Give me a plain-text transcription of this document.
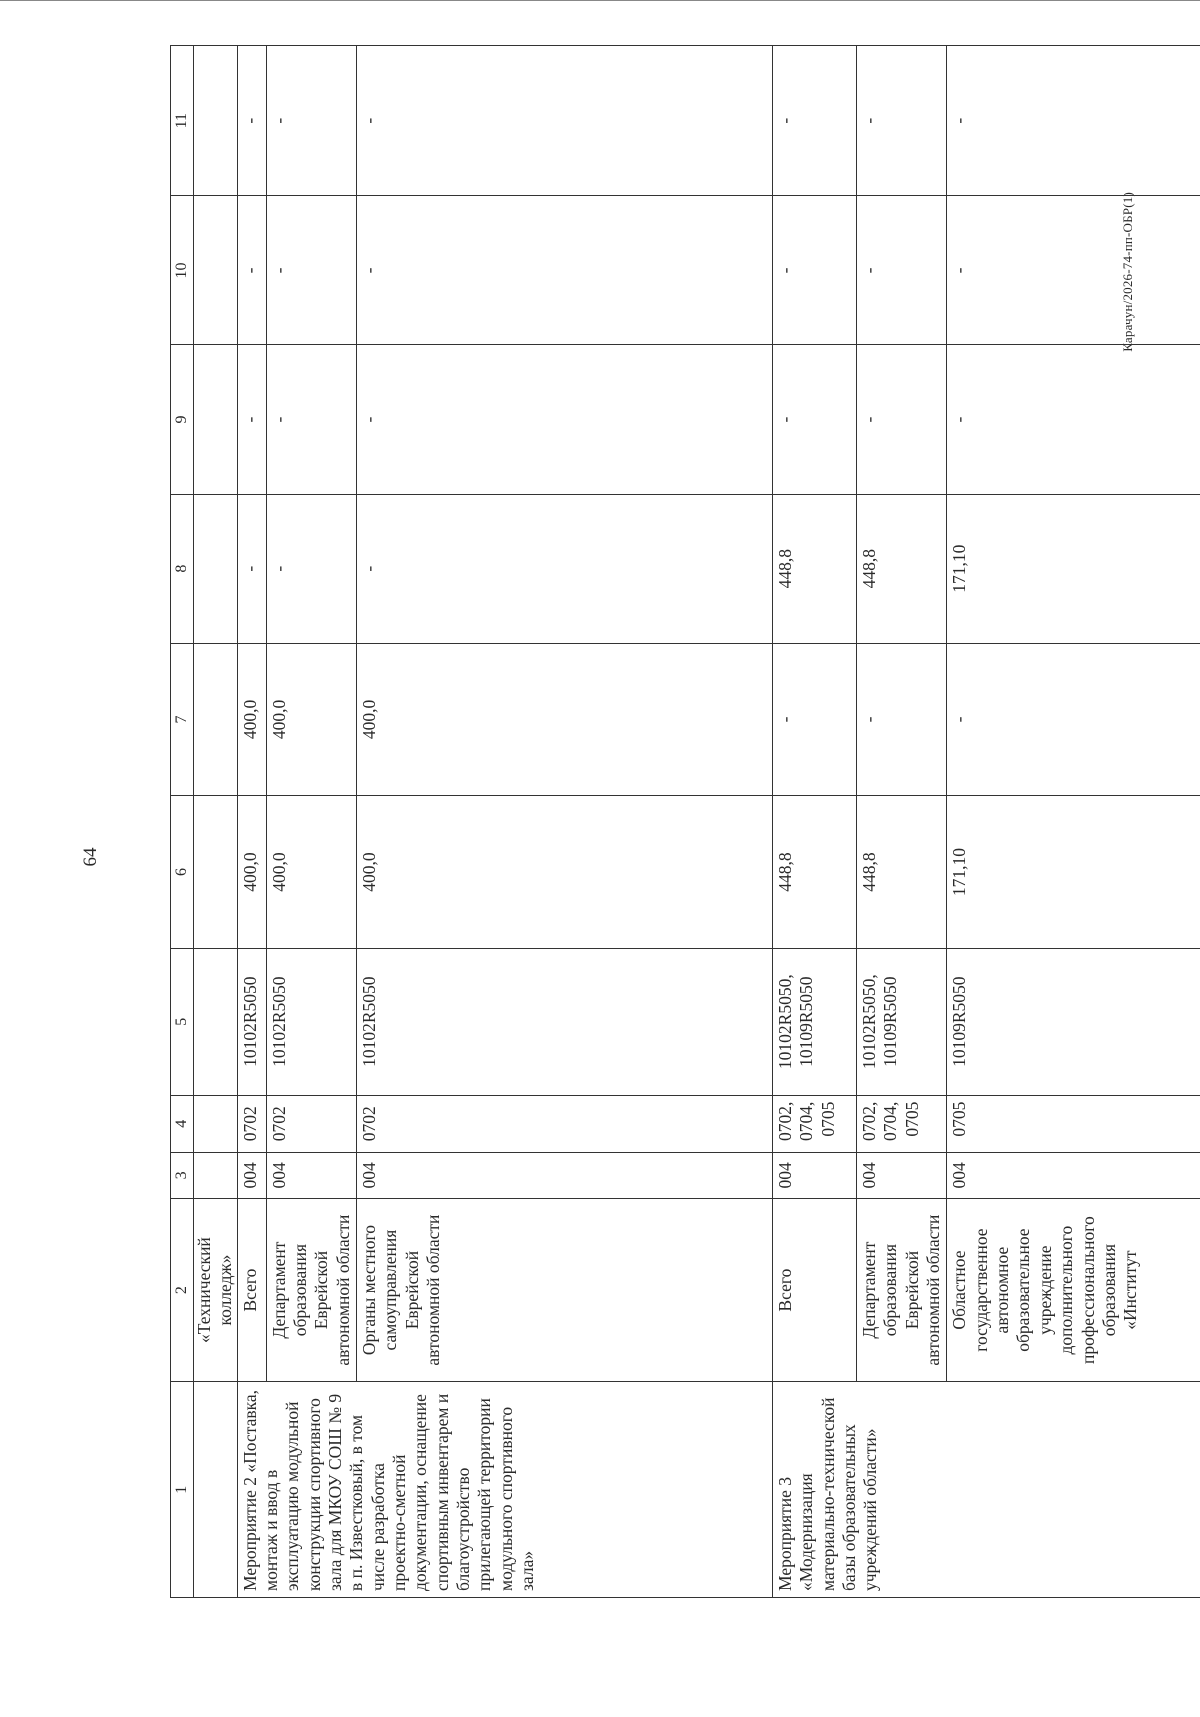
64
Карачун/2026-74-пп-ОБР(1)
1	2	3	4	5	6	7	8	9	10	11
	«Технический колледж»									
Мероприятие 2 «Поставка, монтаж и ввод в эксплуатацию модульной конструкции спортивного зала для МКОУ СОШ № 9 в п. Известковый, в том числе разработка проектно-сметной документации, оснащение спортивным инвентарем и благоустройство прилегающей территории модульного спортивного зала»	Всего	004	0702	10102R5050	400,0	400,0	-	-	-	-
	Департамент образования Еврейской автономной области	004	0702	10102R5050	400,0	400,0	-	-	-	-
	Органы местного самоуправления Еврейской автономной области	004	0702	10102R5050	400,0	400,0	-	-	-	-
Мероприятие 3 «Модернизация материально-технической базы образовательных учреждений области»	Всего	004	0702, 0704, 0705	10102R5050, 10109R5050	448,8	-	448,8	-	-	-
	Департамент образования Еврейской автономной области	004	0702, 0704, 0705	10102R5050, 10109R5050	448,8	-	448,8	-	-	-
	Областное государственное автономное образовательное учреждение дополнительного профессионального образования «Институт	004	0705	10109R5050	171,10	-	171,10	-	-	-
